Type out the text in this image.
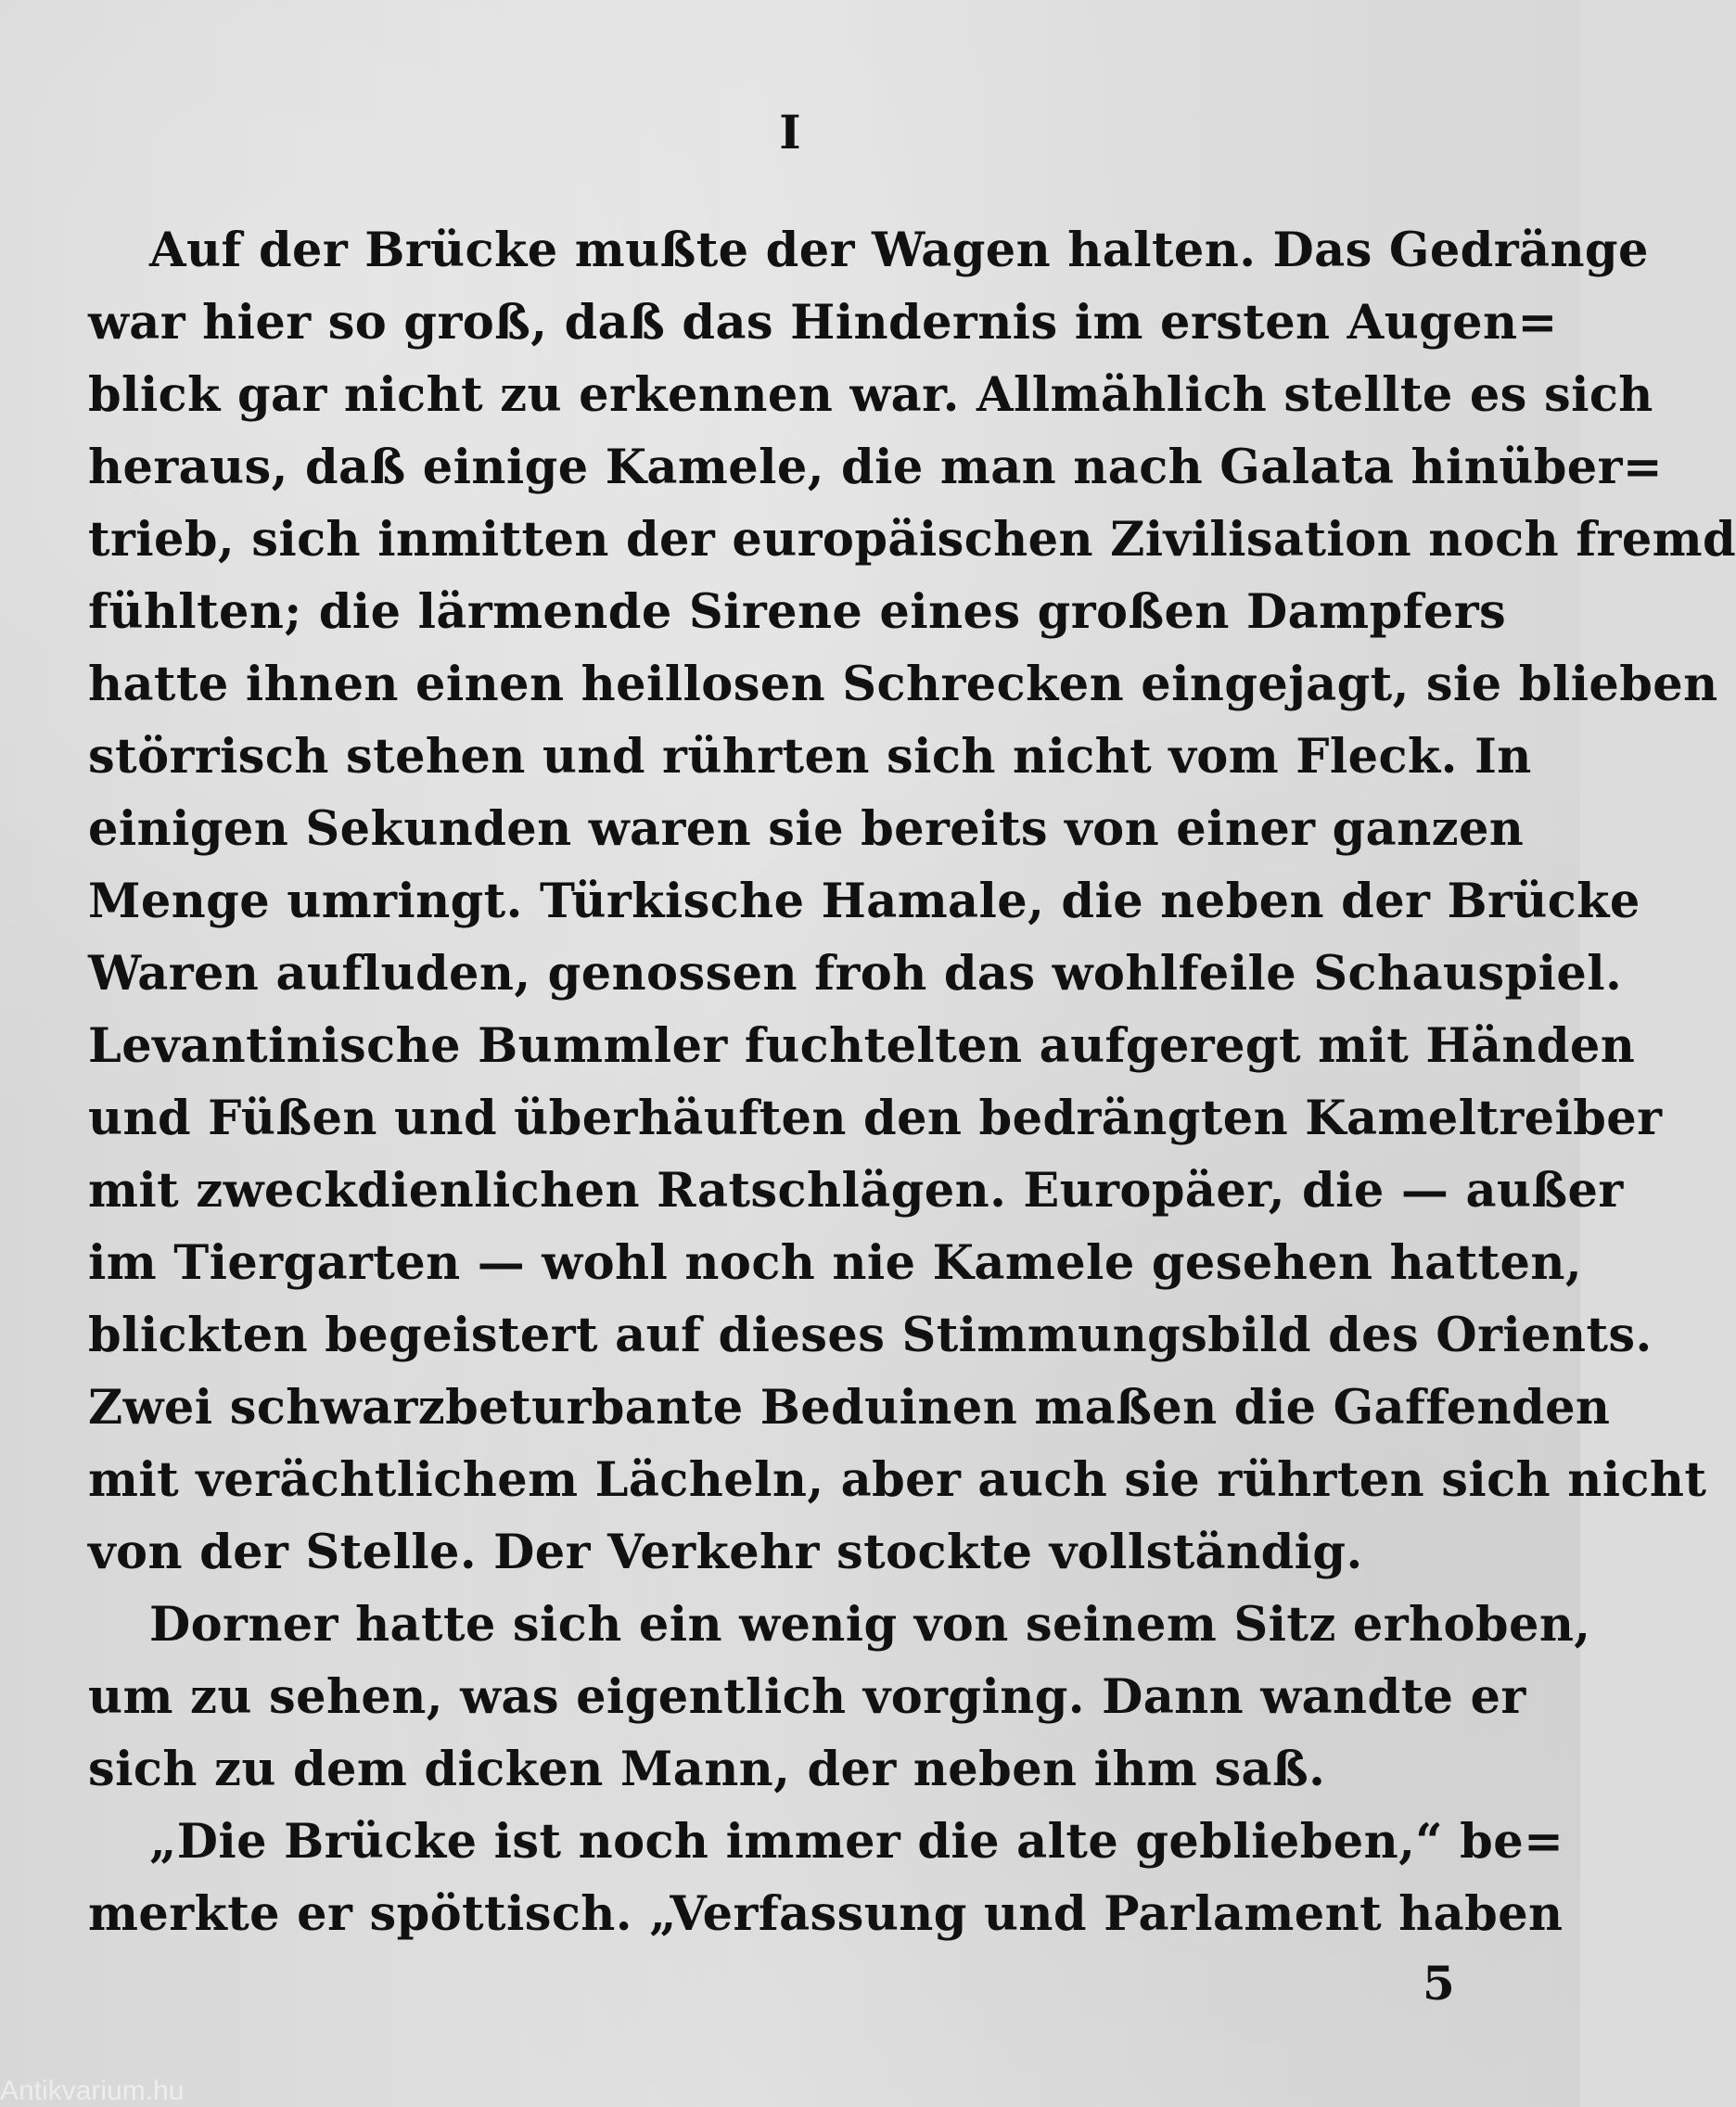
I
Auf der Brücke mußte der Wagen halten. Das Gedränge
war hier so groß, daß das Hindernis im ersten Augen=
blick gar nicht zu erkennen war. Allmählich stellte es sich
heraus, daß einige Kamele, die man nach Galata hinüber=
trieb, sich inmitten der europäischen Zivilisation noch fremd
fühlten; die lärmende Sirene eines großen Dampfers
hatte ihnen einen heillosen Schrecken eingejagt, sie blieben
störrisch stehen und rührten sich nicht vom Fleck. In
einigen Sekunden waren sie bereits von einer ganzen
Menge umringt. Türkische Hamale, die neben der Brücke
Waren aufluden, genossen froh das wohlfeile Schauspiel.
Levantinische Bummler fuchtelten aufgeregt mit Händen
und Füßen und überhäuften den bedrängten Kameltreiber
mit zweckdienlichen Ratschlägen. Europäer, die — außer
im Tiergarten — wohl noch nie Kamele gesehen hatten,
blickten begeistert auf dieses Stimmungsbild des Orients.
Zwei schwarzbeturbante Beduinen maßen die Gaffenden
mit verächtlichem Lächeln, aber auch sie rührten sich nicht
von der Stelle. Der Verkehr stockte vollständig.
Dorner hatte sich ein wenig von seinem Sitz erhoben,
um zu sehen, was eigentlich vorging. Dann wandte er
sich zu dem dicken Mann, der neben ihm saß.
„Die Brücke ist noch immer die alte geblieben,“ be=
merkte er spöttisch. „Verfassung und Parlament haben
5
Antikvarium.hu
